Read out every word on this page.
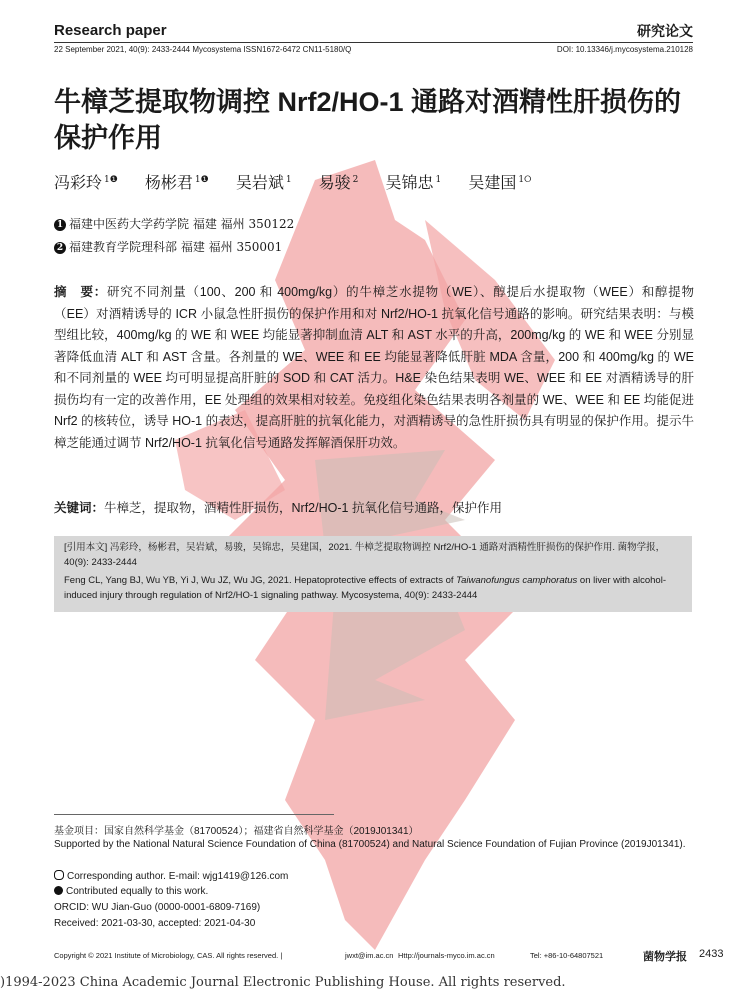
Research paper	研究论文
22 September 2021, 40(9): 2433-2444 Mycosystema ISSN1672-6472 CN11-5180/Q	DOI: 10.13346/j.mycosystema.210128
牛樟芝提取物调控 Nrf2/HO-1 通路对酒精性肝损伤的保护作用
冯彩玲 $^{1❶}$ 杨彬君 $^{1❶}$ 吴岩斌 $^1$ 易骏 $^2$ 吴锦忠 $^1$ 吴建国 $^{1⭘}$
1 福建中医药大学药学院 福建 福州 350122
2 福建教育学院理科部 福建 福州 350001
摘　要：研究不同剂量（100、200 和 400mg/kg）的牛樟芝水提物（WE）、醇提后水提取物（WEE）和醇提物（EE）对酒精诱导的 ICR 小鼠急性肝损伤的保护作用和对 Nrf2/HO-1 抗氧化信号通路的影响。研究结果表明：与模型组比较，400mg/kg 的 WE 和 WEE 均能显著抑制血清 ALT 和 AST 水平的升高，200mg/kg 的 WE 和 WEE 分别显著降低血清 ALT 和 AST 含量。各剂量的 WE、WEE 和 EE 均能显著降低肝脏 MDA 含量，200 和 400mg/kg 的 WE 和不同剂量的 WEE 均可明显提高肝脏的 SOD 和 CAT 活力。H&E 染色结果表明 WE、WEE 和 EE 对酒精诱导的肝损伤均有一定的改善作用，EE 处理组的效果相对较差。免疫组化染色结果表明各剂量的 WE、WEE 和 EE 均能促进 Nrf2 的核转位，诱导 HO-1 的表达，提高肝脏的抗氧化能力，对酒精诱导的急性肝损伤具有明显的保护作用。提示牛樟芝能通过调节 Nrf2/HO-1 抗氧化信号通路发挥解酒保肝功效。
关键词：牛樟芝，提取物，酒精性肝损伤，Nrf2/HO-1 抗氧化信号通路，保护作用
[引用本文] 冯彩玲，杨彬君，吴岩斌，易骏，吴锦忠，吴建国，2021. 牛樟芝提取物调控 Nrf2/HO-1 通路对酒精性肝损伤的保护作用. 菌物学报，40(9): 2433-2444
Feng CL, Yang BJ, Wu YB, Yi J, Wu JZ, Wu JG, 2021. Hepatoprotective effects of extracts of Taiwanofungus camphoratus on liver with alcohol-induced injury through regulation of Nrf2/HO-1 signaling pathway. Mycosystema, 40(9): 2433-2444
基金项目：国家自然科学基金（81700524）；福建省自然科学基金（2019J01341）
Supported by the National Natural Science Foundation of China (81700524) and Natural Science Foundation of Fujian Province (2019J01341).
Corresponding author. E-mail: wjg1419@126.com
Contributed equally to this work.
ORCID: WU Jian-Guo (0000-0001-6809-7169)
Received: 2021-03-30, accepted: 2021-04-30
Copyright © 2021 Institute of Microbiology, CAS. All rights reserved. |	jwxt@im.ac.cn Http://journals-myco.im.ac.cn	Tel: +86-10-64807521	菌物学报 2433
)1994-2023 China Academic Journal Electronic Publishing House. All rights reserved.
